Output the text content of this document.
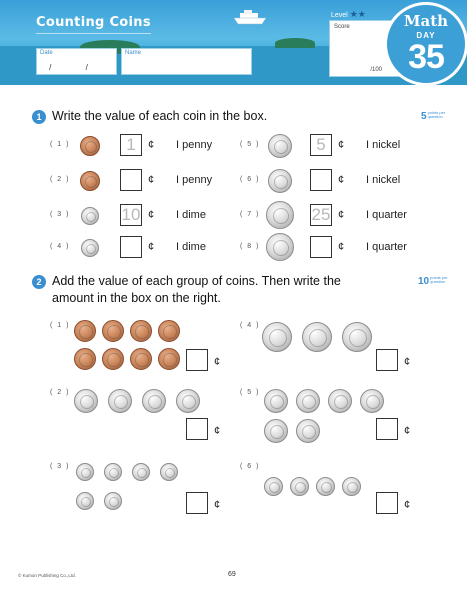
Counting Coins
Date
/ /
Name
Level ★★
Score
/100
Math
DAY
35
1 Write the value of each coin in the box.	5points per question
( 1 )	1	¢ I penny
( 2 )	¢ I penny
( 3 )	10 ¢ I dime
( 4 )	¢ I dime
( 5 )	5	¢ I nickel
( 6 )	¢ I nickel
( 7 )	25 ¢ I quarter
( 8 )	¢ I quarter
2 Add the value of each group of coins. Then write the
amount in the box on the right.
10points per question
( 1 )
¢
( 2 )
¢
( 3 )
¢
( 4 )
¢
( 5 )
¢
( 6 )
¢
© Kumon Publishing Co.,Ltd.	69
